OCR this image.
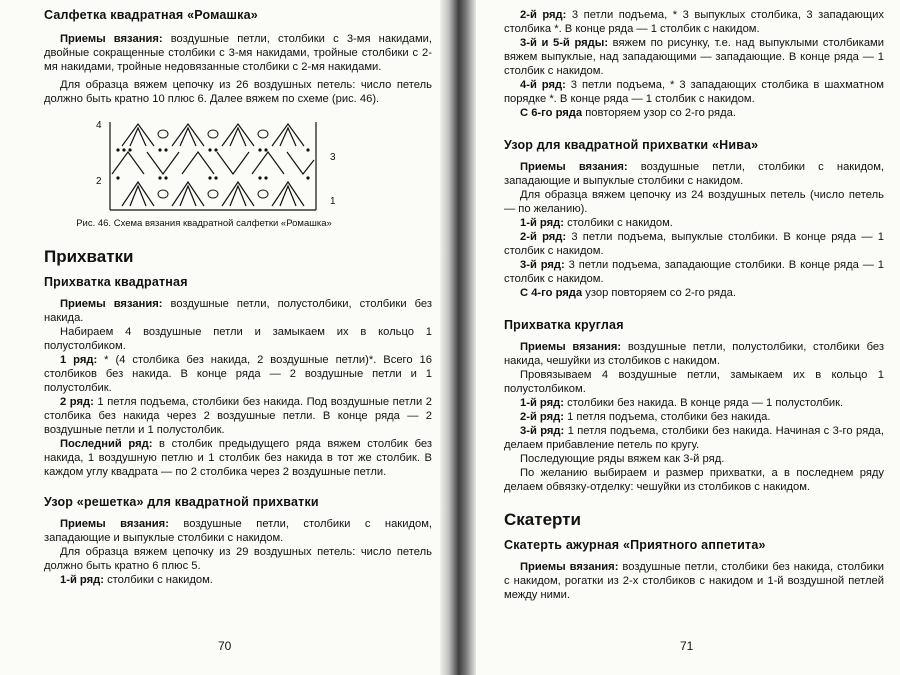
Салфетка квадратная «Ромашка»

Приемы вязания: воздушные петли, столбики с 3-мя накидами, двойные сокращенные столбики с 3-мя накидами, тройные столбики с 2-мя накидами, тройные недовязанные столбики с 2-мя накидами.

Для образца вяжем цепочку из 26 воздушных петель: число петель должно быть кратно 10 плюс 6. Далее вяжем по схеме (рис. 46).

4
2
3
1
Рис. 46. Схема вязания квадратной салфетки «Ромашка»
Прихватки
Прихватка квадратная

Приемы вязания: воздушные петли, полустолбики, столбики без накида.

Набираем 4 воздушные петли и замыкаем их в кольцо 1 полустолбиком.

1 ряд: * (4 столбика без накида, 2 воздушные петли)*. Всего 16 столбиков без накида. В конце ряда — 2 воздушные петли и 1 полустолбик.

2 ряд: 1 петля подъема, столбики без накида. Под воздушные петли 2 столбика без накида через 2 воздушные петли. В конце ряда — 2 воздушные петли и 1 полустолбик.

Последний ряд: в столбик предыдущего ряда вяжем столбик без накида, 1 воздушную петлю и 1 столбик без накида в тот же столбик. В каждом углу квадрата — по 2 столбика через 2 воздушные петли.

Узор «решетка» для квадратной прихватки

Приемы вязания: воздушные петли, столбики с накидом, западающие и выпуклые столбики с накидом.

Для образца вяжем цепочку из 29 воздушных петель: число петель должно быть кратно 6 плюс 5.

1-й ряд: столбики с накидом.

70

2-й ряд: 3 петли подъема, * 3 выпуклых столбика, 3 западающих столбика *. В конце ряда — 1 столбик с накидом.

3-й и 5-й ряды: вяжем по рисунку, т.е. над выпуклыми столбиками вяжем выпуклые, над западающими — западающие. В конце ряда — 1 столбик с накидом.

4-й ряд: 3 петли подъема, * 3 западающих столбика в шахматном порядке *. В конце ряда — 1 столбик с накидом.

С 6-го ряда повторяем узор со 2-го ряда.

Узор для квадратной прихватки «Нива»

Приемы вязания: воздушные петли, столбики с накидом, западающие и выпуклые столбики с накидом.

Для образца вяжем цепочку из 24 воздушных петель (число петель — по желанию).

1-й ряд: столбики с накидом.

2-й ряд: 3 петли подъема, выпуклые столбики. В конце ряда — 1 столбик с накидом.

3-й ряд: 3 петли подъема, западающие столбики. В конце ряда — 1 столбик с накидом.

С 4-го ряда узор повторяем со 2-го ряда.

Прихватка круглая

Приемы вязания: воздушные петли, полустолбики, столбики без накида, чешуйки из столбиков с накидом.

Провязываем 4 воздушные петли, замыкаем их в кольцо 1 полустолбиком.

1-й ряд: столбики без накида. В конце ряда — 1 полустолбик.

2-й ряд: 1 петля подъема, столбики без накида.

3-й ряд: 1 петля подъема, столбики без накида. Начиная с 3-го ряда, делаем прибавление петель по кругу.

Последующие ряды вяжем как 3-й ряд.

По желанию выбираем и размер прихватки, а в последнем ряду делаем обвязку-отделку: чешуйки из столбиков с накидом.

Скатерти
Скатерть ажурная «Приятного аппетита»

Приемы вязания: воздушные петли, столбики без накида, столбики с накидом, рогатки из 2-х столбиков с накидом и 1-й воздушной петлей между ними.

71
